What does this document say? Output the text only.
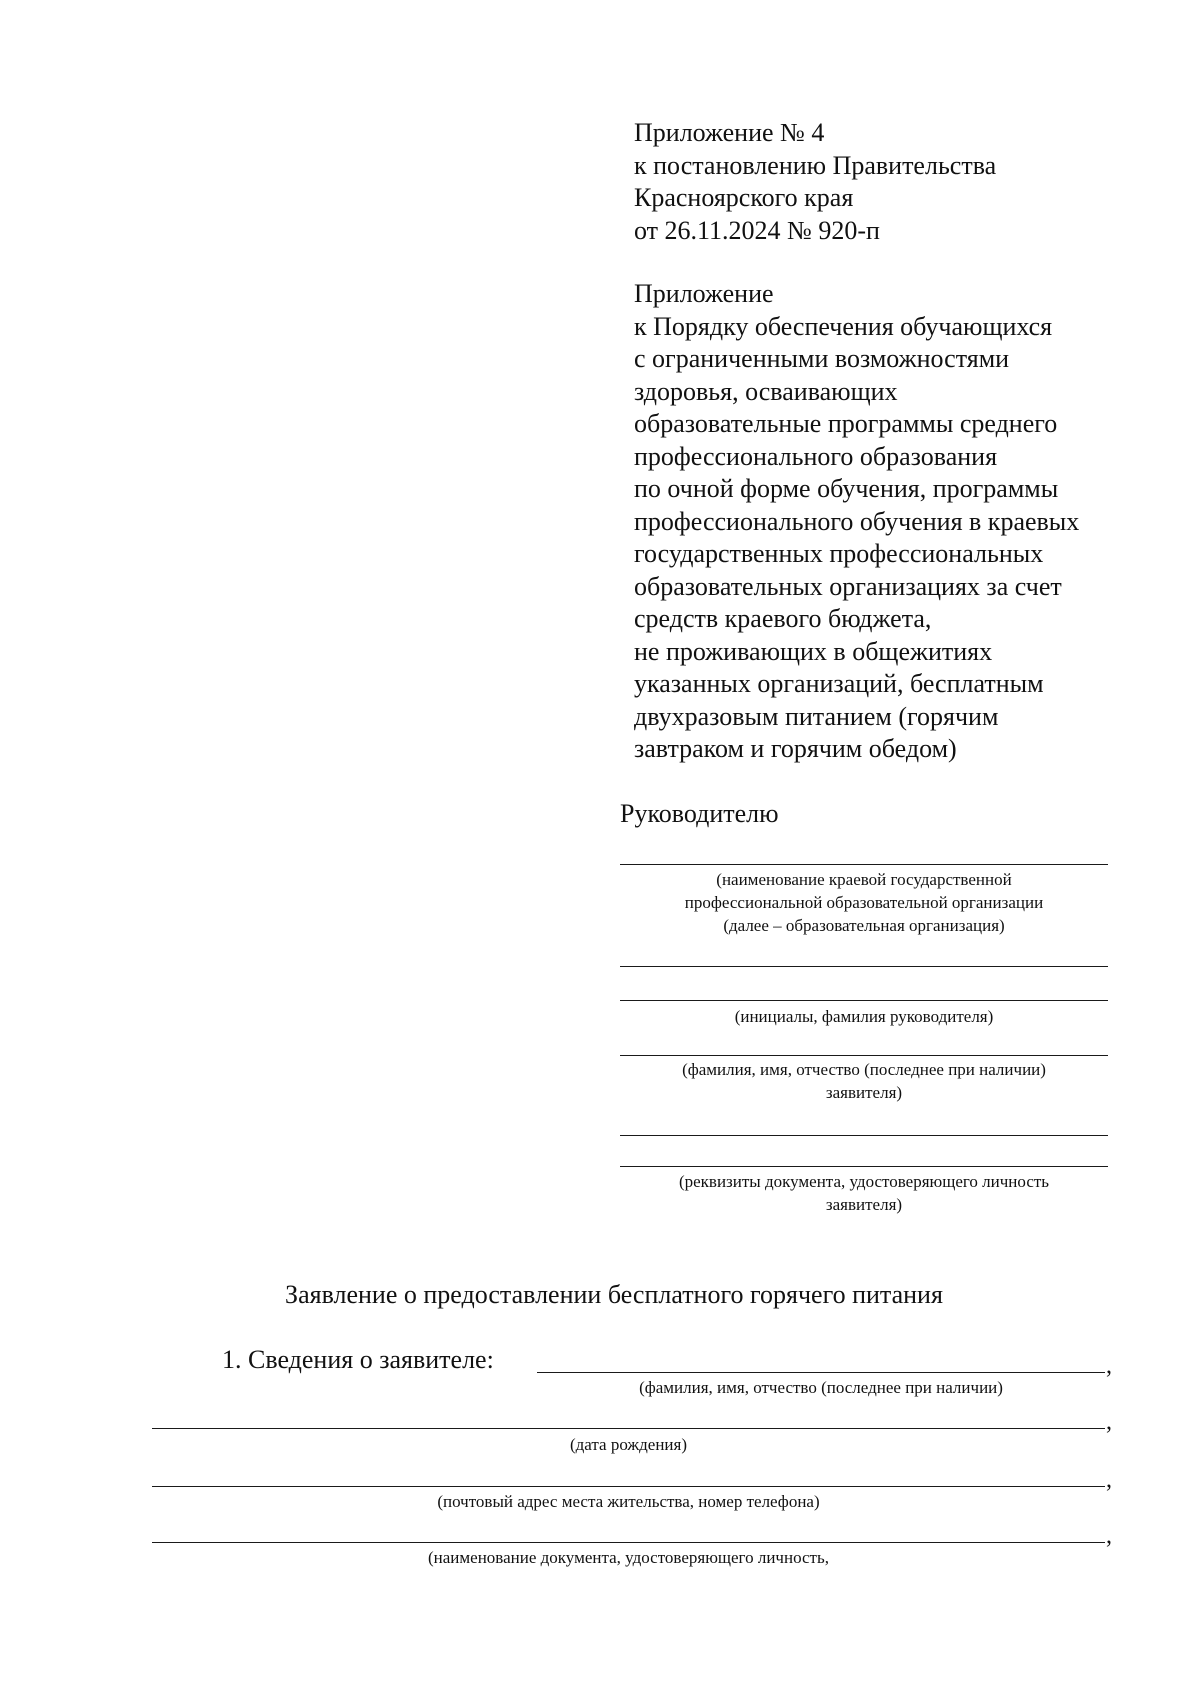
Приложение № 4
к постановлению Правительства
Красноярского края
от 26.11.2024 № 920-п
Приложение
к Порядку обеспечения обучающихся
с ограниченными возможностями
здоровья, осваивающих
образовательные программы среднего
профессионального образования
по очной форме обучения, программы
профессионального обучения в краевых
государственных профессиональных
образовательных организациях за счет
средств краевого бюджета,
не проживающих в общежитиях
указанных организаций, бесплатным
двухразовым питанием (горячим
завтраком и горячим обедом)
Руководителю
(наименование краевой государственной
профессиональной образовательной организации
(далее – образовательная организация)
(инициалы, фамилия руководителя)
(фамилия, имя, отчество (последнее при наличии)
заявителя)
(реквизиты документа, удостоверяющего личность
заявителя)
Заявление о предоставлении бесплатного горячего питания
1. Сведения о заявителе:	,
(фамилия, имя, отчество (последнее при наличии)
,
(дата рождения)
,
(почтовый адрес места жительства, номер телефона)
,
(наименование документа, удостоверяющего личность,
